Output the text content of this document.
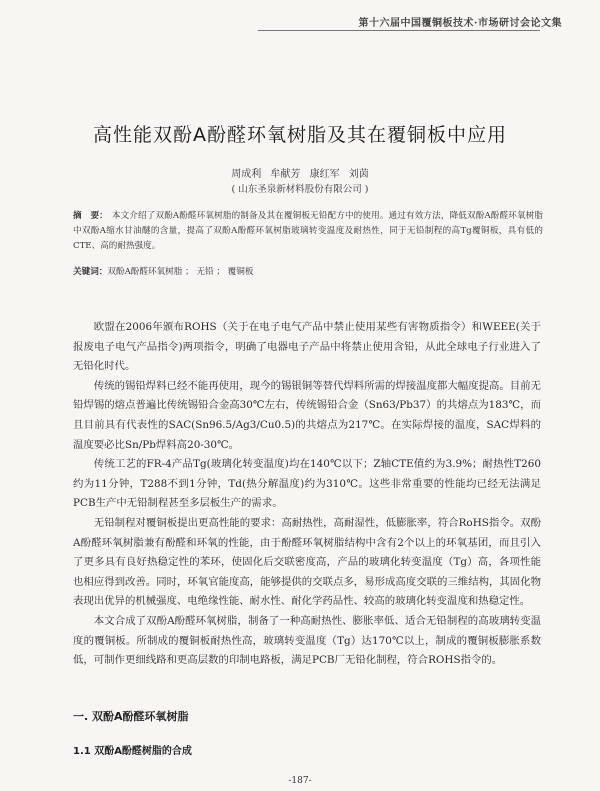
第十六届中国覆铜板技术·市场研讨会论文集
高性能双酚A酚醛环氧树脂及其在覆铜板中应用
周成利 牟献芳 康红军 刘茵
( 山东圣泉新材料股份有限公司 )
摘　要： 本文介绍了双酚A酚醛环氧树脂的制备及其在覆铜板无铅配方中的使用。通过有效方法，降低双酚A酚醛环氧树脂中双酚A缩水甘油醚的含量，提高了双酚A酚醛环氧树脂玻璃转变温度及耐热性，同于无铅制程的高Tg覆铜板，具有低的CTE、高的耐热强度。
关键词：双酚A酚醛环氧树脂 ； 无铅 ； 覆铜板

欧盟在2006年颁布ROHS（关于在电子电气产品中禁止使用某些有害物质指令）和WEEE(关于报废电子电气产品指令)两项指令，明确了电器电子产品中将禁止使用含铅，从此全球电子行业进入了无铅化时代。

传统的锡铅焊料已经不能再使用，现今的锡银铜等替代焊料所需的焊接温度都大幅度提高。目前无铅焊锡的熔点普遍比传统锡铅合金高30℃左右，传统锡铅合金（Sn63/Pb37）的共熔点为183℃，而且目前具有代表性的SAC(Sn96.5/Ag3/Cu0.5)的共熔点为217℃。在实际焊接的温度，SAC焊料的温度要必比Sn/Pb焊料高20-30℃。

传统工艺的FR-4产品Tg(玻璃化转变温度)均在140℃以下；Z轴CTE值约为3.9%；耐热性T260约为11分钟，T288不到1分钟，Td(热分解温度)约为310℃。这些非常重要的性能均已经无法满足PCB生产中无铅制程甚至多层板生产的需求。

无铅制程对覆铜板提出更高性能的要求：高耐热性，高耐湿性，低膨胀率，符合RoHS指令。双酚A酚醛环氧树脂兼有酚醛和环氧的性能，由于酚醛环氧树脂结构中含有2个以上的环氧基团，而且引入了更多具有良好热稳定性的苯环，使固化后交联密度高，产品的玻璃化转变温度（Tg）高，各项性能也相应得到改善。同时，环氧官能度高，能够提供的交联点多，易形成高度交联的三维结构，其固化物表现出优异的机械强度、电绝缘性能、耐水性、耐化学药品性、较高的玻璃化转变温度和热稳定性。

本文合成了双酚A酚醛环氧树脂，制备了一种高耐热性、膨胀率低、适合无铅制程的高玻璃转变温度的覆铜板。所制成的覆铜板耐热性高，玻璃转变温度（Tg）达170℃以上，制成的覆铜板膨胀系数低，可制作更细线路和更高层数的印制电路板，满足PCB厂无铅化制程，符合ROHS指令的。

一. 双酚A酚醛环氧树脂
1.1 双酚A酚醛树脂的合成
-187-
